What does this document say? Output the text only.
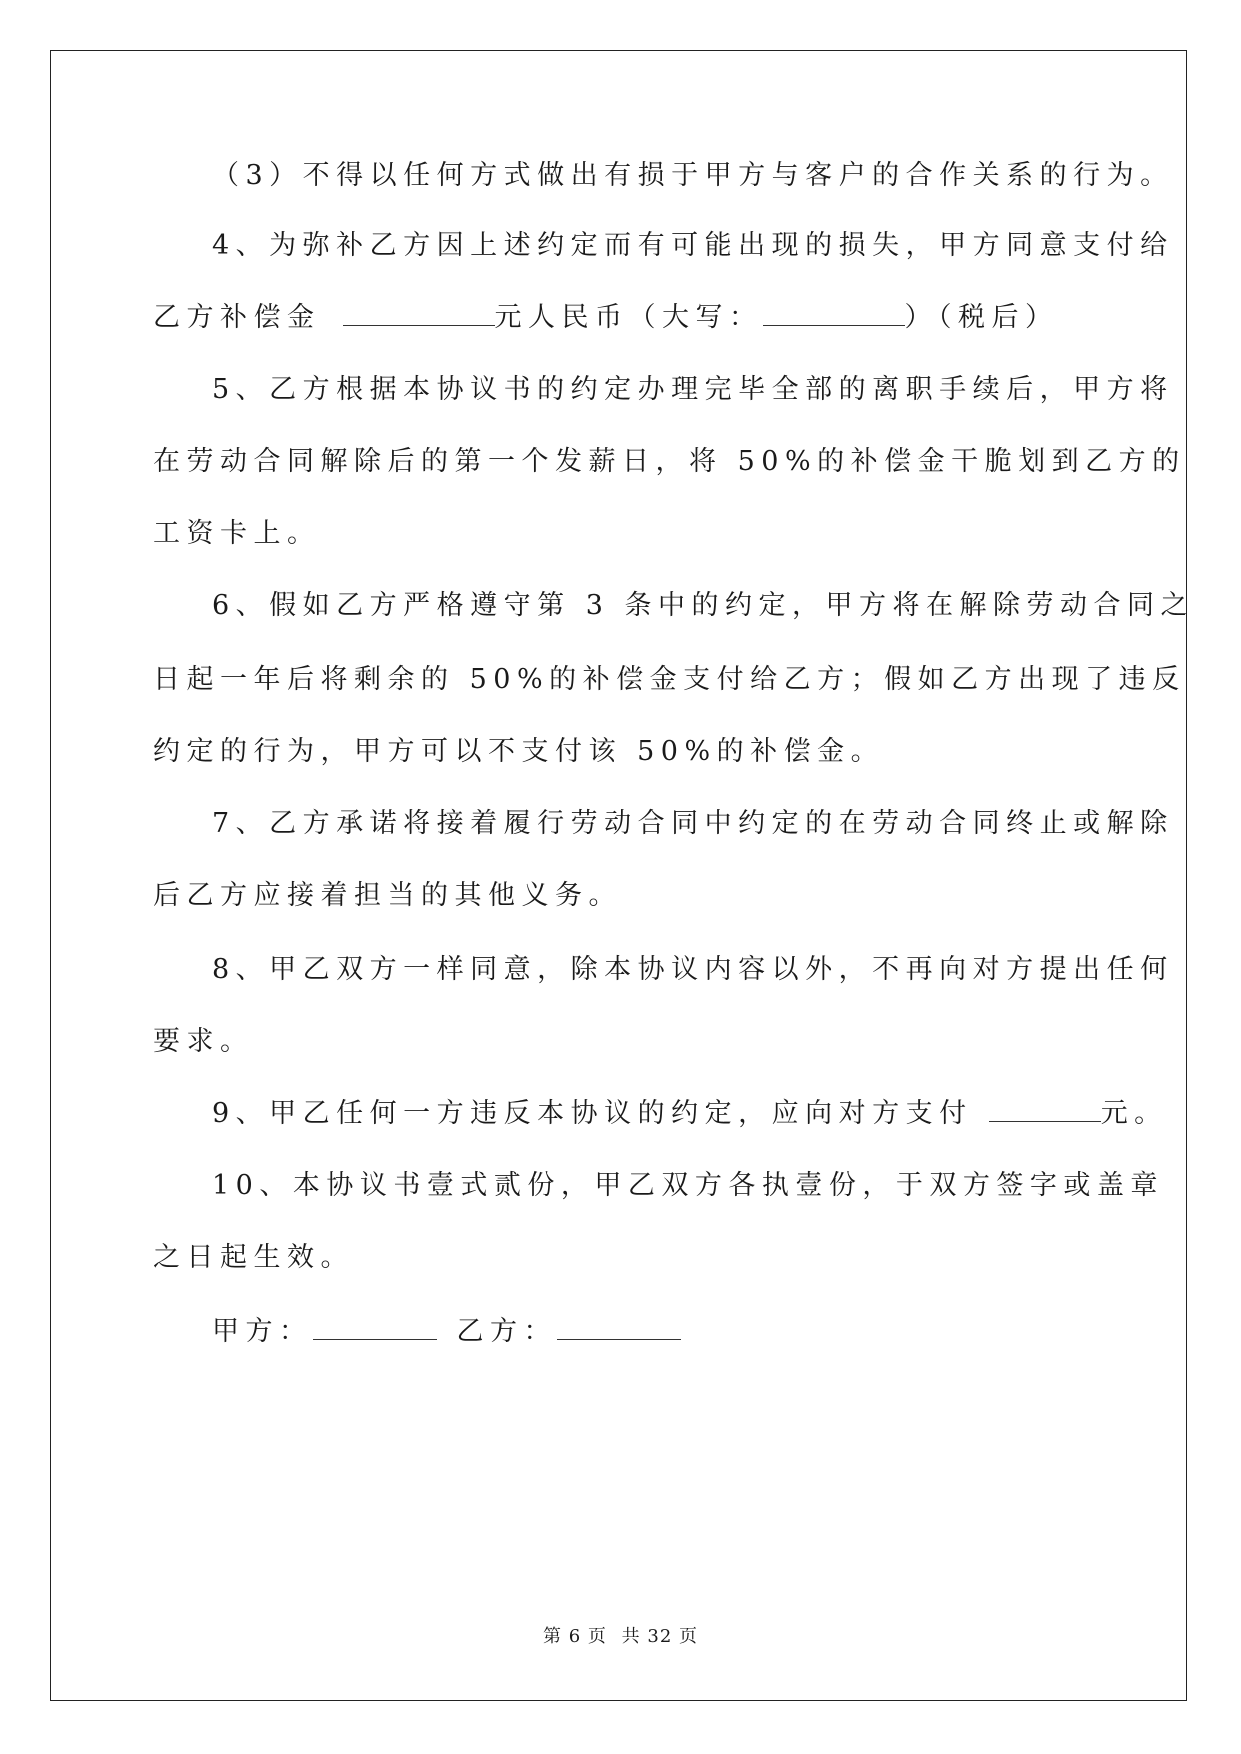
（3）不得以任何方式做出有损于甲方与客户的合作关系的行为。
4、为弥补乙方因上述约定而有可能出现的损失，甲方同意支付给
乙方补偿金	元人民币（大写：	）（税后）
5、乙方根据本协议书的约定办理完毕全部的离职手续后，甲方将
在劳动合同解除后的第一个发薪日，将 50%的补偿金干脆划到乙方的
工资卡上。
6、假如乙方严格遵守第 3 条中的约定，甲方将在解除劳动合同之
日起一年后将剩余的 50%的补偿金支付给乙方；假如乙方出现了违反
约定的行为，甲方可以不支付该 50%的补偿金。
7、乙方承诺将接着履行劳动合同中约定的在劳动合同终止或解除
后乙方应接着担当的其他义务。
8、甲乙双方一样同意，除本协议内容以外，不再向对方提出任何
要求。
9、甲乙任何一方违反本协议的约定，应向对方支付	元。
10、本协议书壹式贰份，甲乙双方各执壹份，于双方签字或盖章
之日起生效。
甲方：	乙方：
第 6 页 共 32 页
